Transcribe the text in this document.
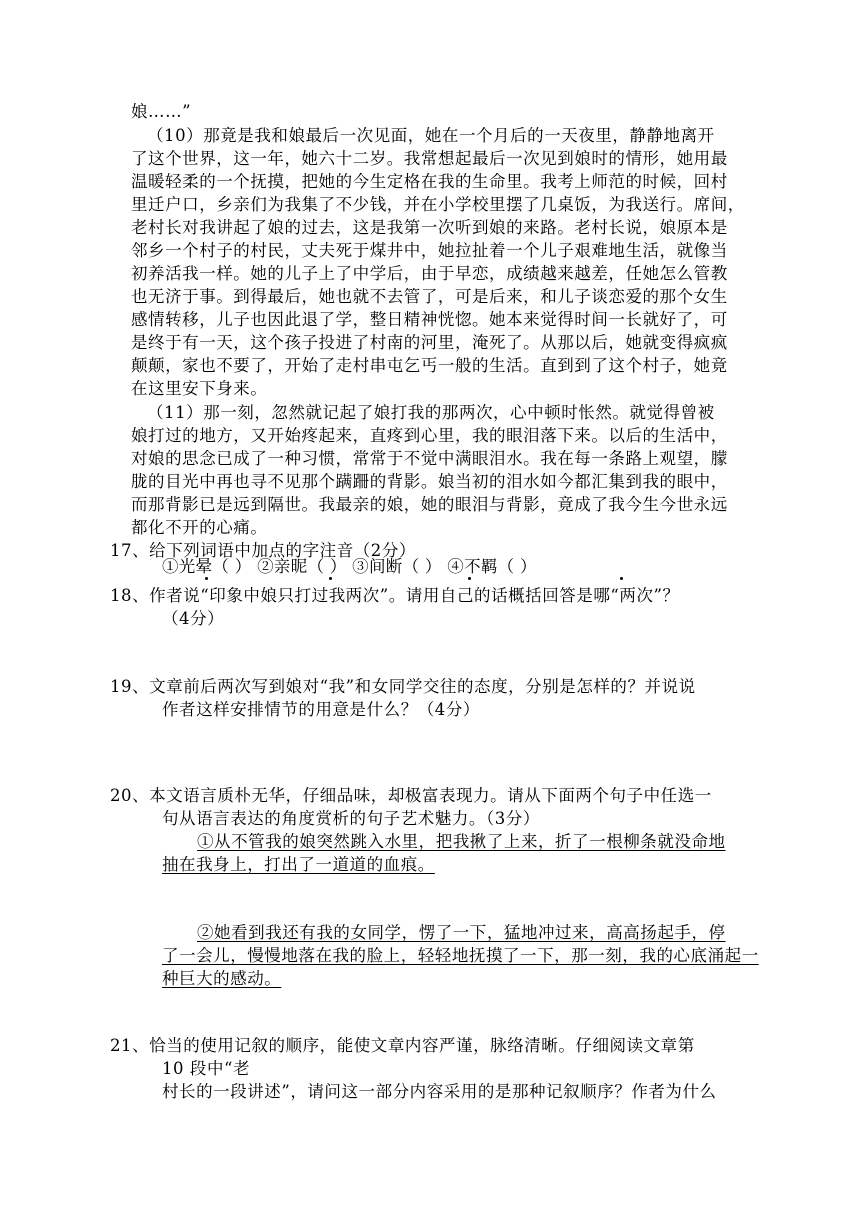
娘……”
（10）那竟是我和娘最后一次见面，她在一个月后的一天夜里，静静地离开
了这个世界，这一年，她六十二岁。我常想起最后一次见到娘时的情形，她用最
温暖轻柔的一个抚摸，把她的今生定格在我的生命里。我考上师范的时候，回村
里迁户口，乡亲们为我集了不少钱，并在小学校里摆了几桌饭，为我送行。席间，
老村长对我讲起了娘的过去，这是我第一次听到娘的来路。老村长说，娘原本是
邻乡一个村子的村民，丈夫死于煤井中，她拉扯着一个儿子艰难地生活，就像当
初养活我一样。她的儿子上了中学后，由于早恋，成绩越来越差，任她怎么管教
也无济于事。到得最后，她也就不去管了，可是后来，和儿子谈恋爱的那个女生
感情转移，儿子也因此退了学，整日精神恍惚。她本来觉得时间一长就好了，可
是终于有一天，这个孩子投进了村南的河里，淹死了。从那以后，她就变得疯疯
颠颠，家也不要了，开始了走村串屯乞丐一般的生活。直到到了这个村子，她竟
在这里安下身来。
（11）那一刻，忽然就记起了娘打我的那两次，心中顿时怅然。就觉得曾被
娘打过的地方，又开始疼起来，直疼到心里，我的眼泪落下来。以后的生活中，
对娘的思念已成了一种习惯，常常于不觉中满眼泪水。我在每一条路上观望，朦
胧的目光中再也寻不见那个蹒跚的背影。娘当初的泪水如今都汇集到我的眼中，
而那背影已是远到隔世。我最亲的娘，她的眼泪与背影，竟成了我今生今世永远
都化不开的心痛。
17、给下列词语中加点的字注音（2分）
①光晕（ ） ②亲昵（ ） ③间断（ ） ④不羁（ ）
18、作者说“印象中娘只打过我两次”。请用自己的话概括回答是哪“两次”？
（4分）
19、文章前后两次写到娘对“我”和女同学交往的态度，分别是怎样的？并说说
作者这样安排情节的用意是什么？（4分）
20、本文语言质朴无华，仔细品味，却极富表现力。请从下面两个句子中任选一
句从语言表达的角度赏析的句子艺术魅力。（3分）
①从不管我的娘突然跳入水里，把我揪了上来，折了一根柳条就没命地
抽在我身上，打出了一道道的血痕。
②她看到我还有我的女同学，愣了一下，猛地冲过来，高高扬起手，停
了一会儿，慢慢地落在我的脸上，轻轻地抚摸了一下，那一刻，我的心底涌起一
种巨大的感动。
21、恰当的使用记叙的顺序，能使文章内容严谨，脉络清晰。仔细阅读文章第
10 段中“老
村长的一段讲述”，请问这一部分内容采用的是那种记叙顺序？作者为什么
